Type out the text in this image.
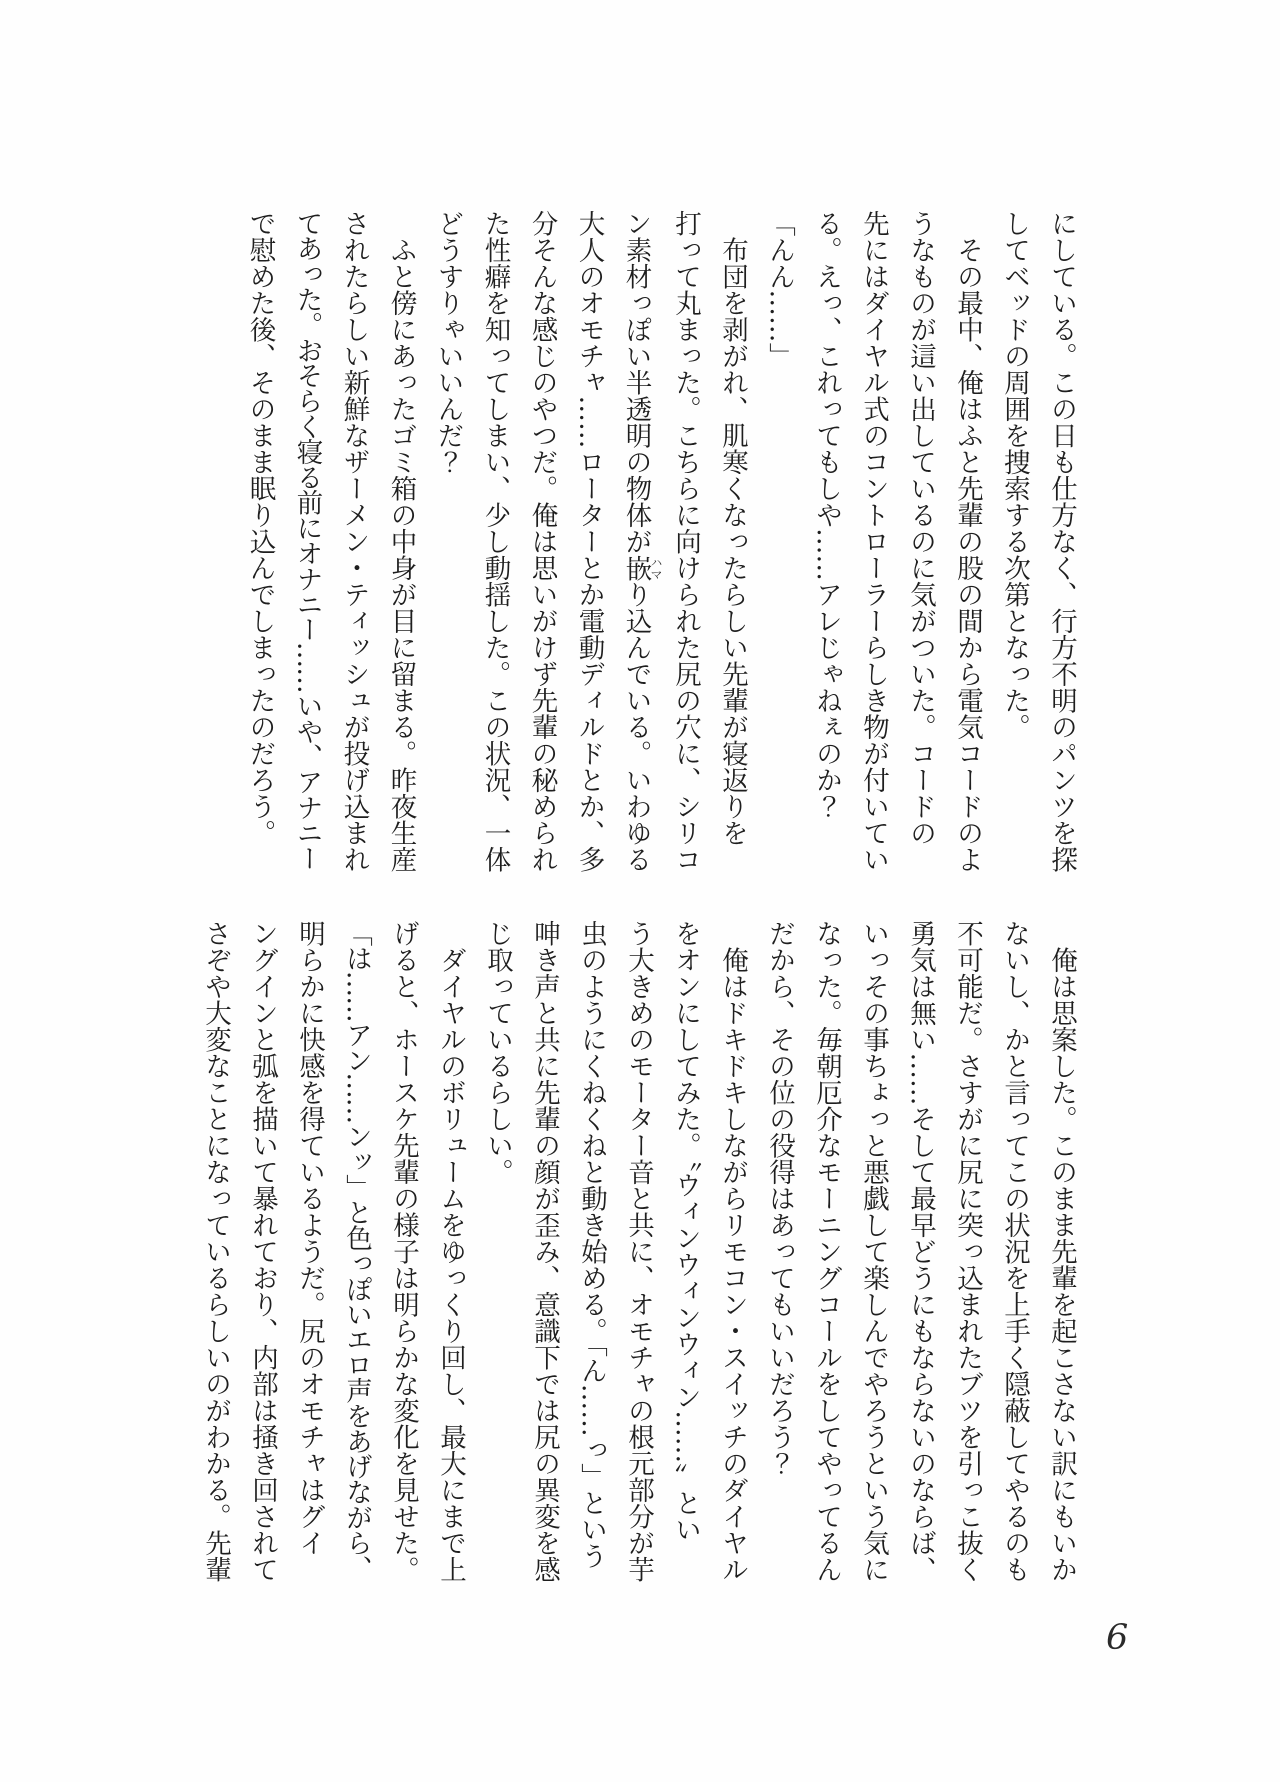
にしている。この日も仕方なく、行方不明のパンツを探
してベッドの周囲を捜索する次第となった。
　その最中、俺はふと先輩の股の間から電気コードのよ
うなものが這い出しているのに気がついた。コードの
先にはダイヤル式のコントローラーらしき物が付いてい
る。えっ、これってもしや……アレじゃねぇのか？
「んん……」
　布団を剥がれ、肌寒くなったらしい先輩が寝返りを
打って丸まった。こちらに向けられた尻の穴に、シリコ
ン素材っぽい半透明の物体が嵌ハマり込んでいる。いわゆる
大人のオモチャ……ローターとか電動ディルドとか、多
分そんな感じのやつだ。俺は思いがけず先輩の秘められ
た性癖を知ってしまい、少し動揺した。この状況、一体
どうすりゃいいんだ？
　ふと傍にあったゴミ箱の中身が目に留まる。昨夜生産
されたらしい新鮮なザーメン・ティッシュが投げ込まれ
てあった。おそらく寝る前にオナニー……いや、アナニー
で慰めた後、そのまま眠り込んでしまったのだろう。
　俺は思案した。このまま先輩を起こさない訳にもいか
ないし、かと言ってこの状況を上手く隠蔽してやるのも
不可能だ。さすがに尻に突っ込まれたブツを引っこ抜く
勇気は無い……そして最早どうにもならないのならば、
いっその事ちょっと悪戯して楽しんでやろうという気に
なった。毎朝厄介なモーニングコールをしてやってるん
だから、その位の役得はあってもいいだろう？
　俺はドキドキしながらリモコン・スイッチのダイヤル
をオンにしてみた。〝ウィンウィンウィン……〟とい
う大きめのモーター音と共に、オモチャの根元部分が芋
虫のようにくねくねと動き始める。「ん……っ」という
呻き声と共に先輩の顔が歪み、意識下では尻の異変を感
じ取っているらしい。
　ダイヤルのボリュームをゆっくり回し、最大にまで上
げると、ホースケ先輩の様子は明らかな変化を見せた。
「は……アン……ンッ」と色っぽいエロ声をあげながら、
明らかに快感を得ているようだ。尻のオモチャはグイ
ングインと弧を描いて暴れており、内部は掻き回されて
さぞや大変なことになっているらしいのがわかる。先輩
6
